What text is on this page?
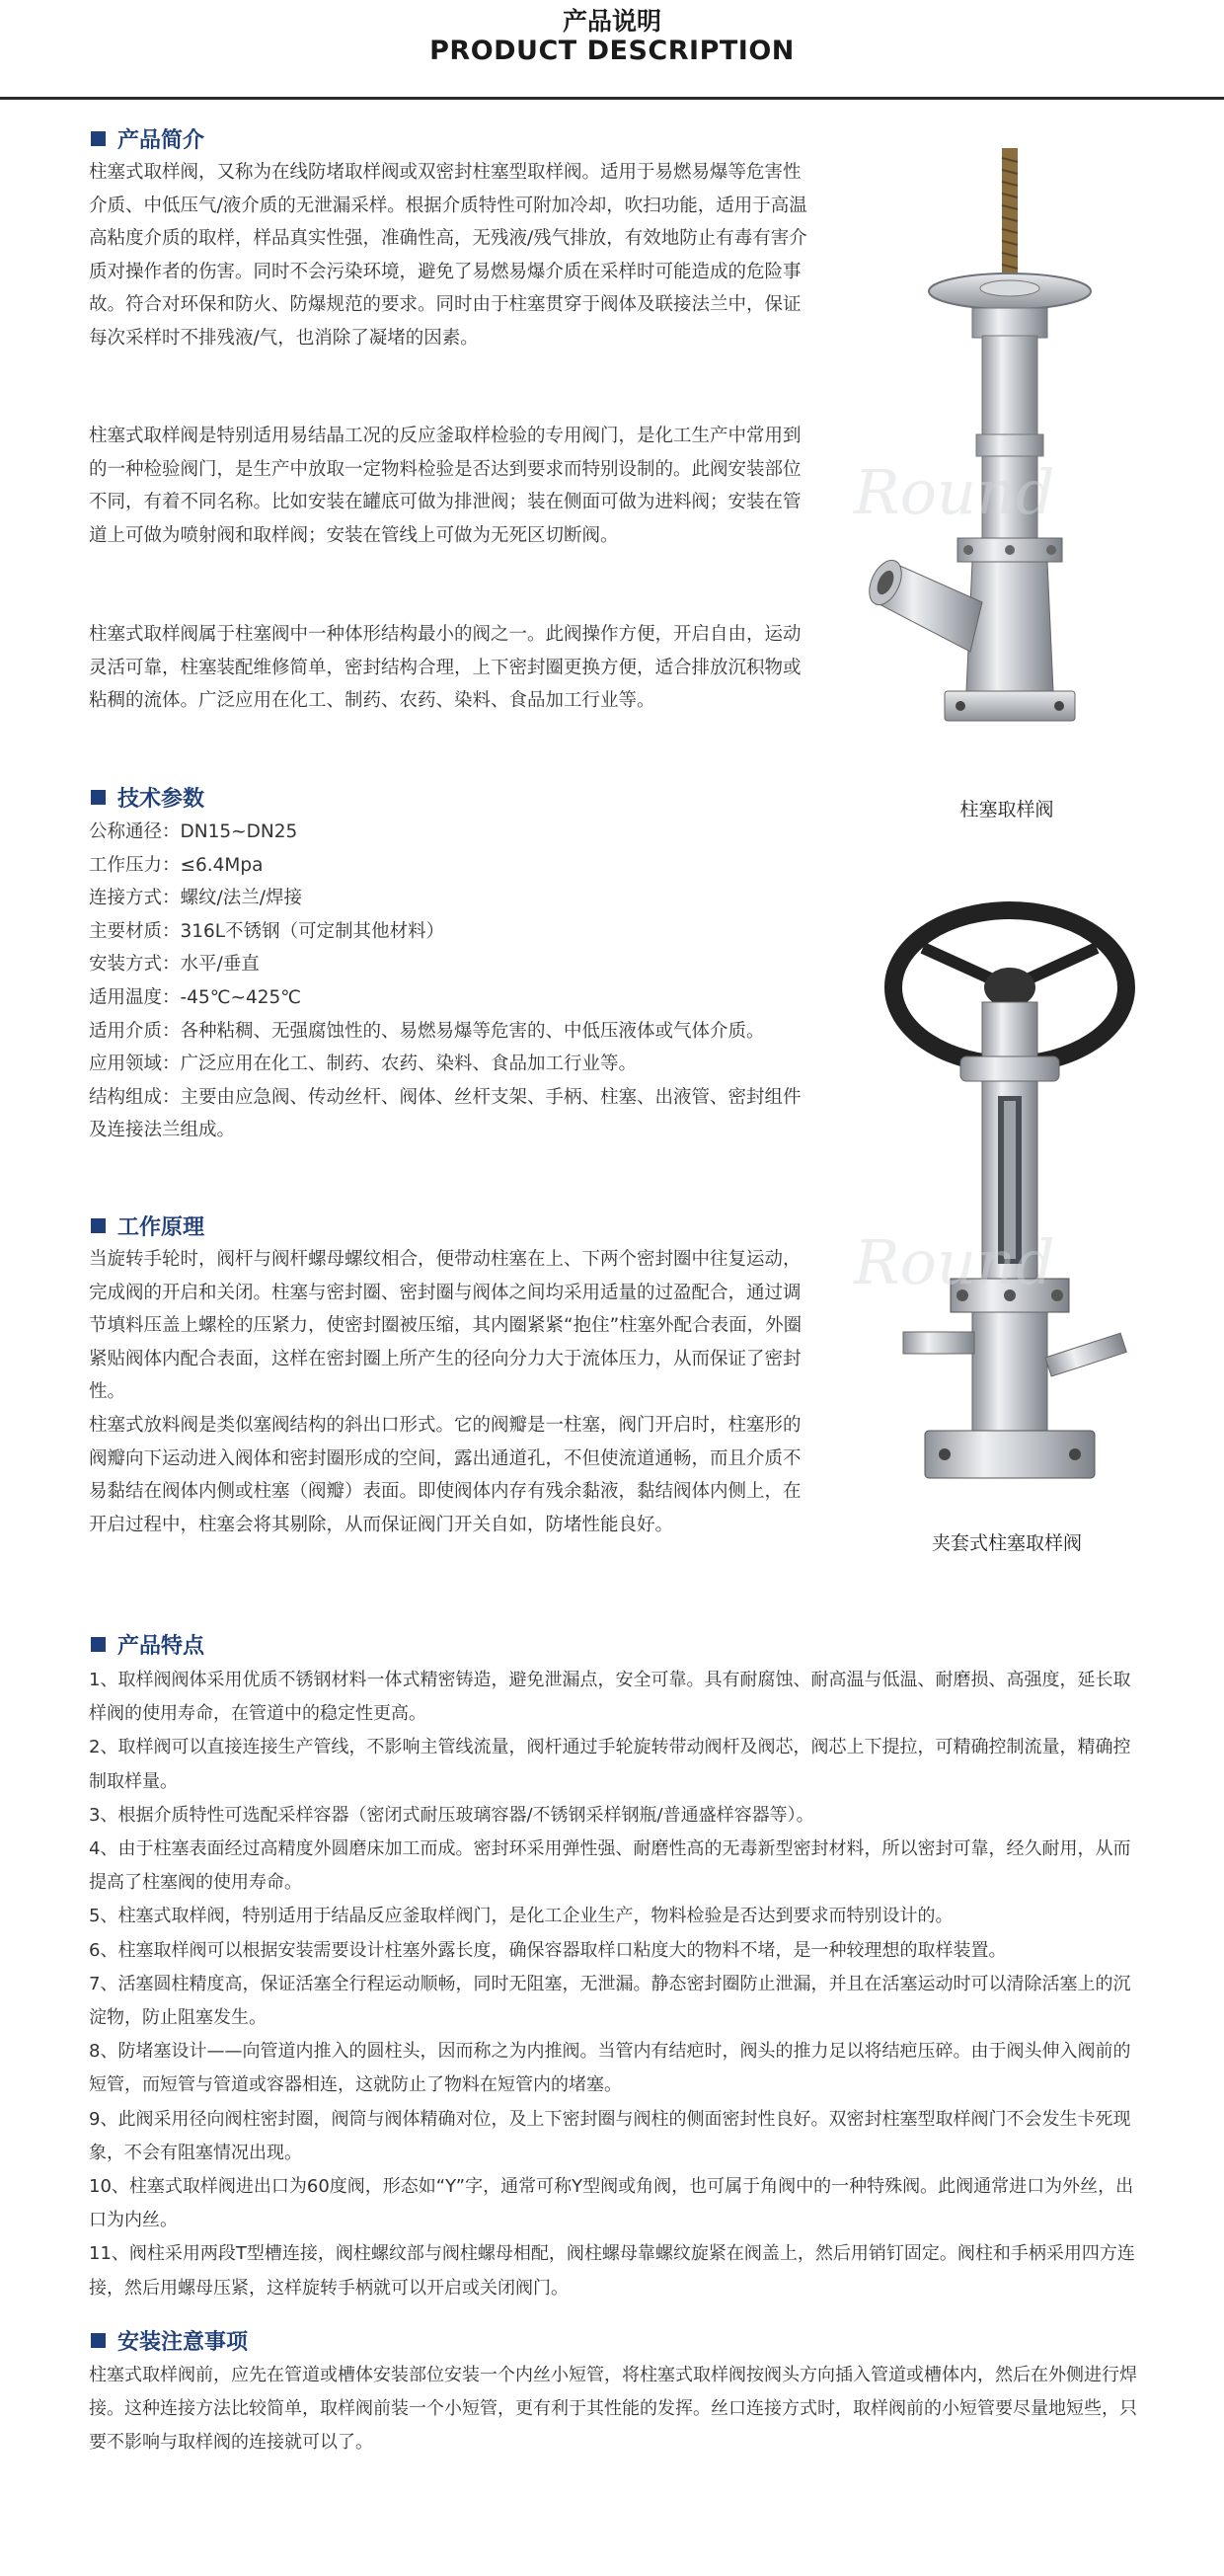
产品说明
PRODUCT DESCRIPTION
产品简介

柱塞式取样阀，又称为在线防堵取样阀或双密封柱塞型取样阀。适用于易燃易爆等危害性介质、中低压气/液介质的无泄漏采样。根据介质特性可附加冷却，吹扫功能，适用于高温高粘度介质的取样，样品真实性强，准确性高，无残液/残气排放，有效地防止有毒有害介质对操作者的伤害。同时不会污染环境，避免了易燃易爆介质在采样时可能造成的危险事故。符合对环保和防火、防爆规范的要求。同时由于柱塞贯穿于阀体及联接法兰中，保证每次采样时不排残液/气，也消除了凝堵的因素。

柱塞式取样阀是特别适用易结晶工况的反应釜取样检验的专用阀门，是化工生产中常用到的一种检验阀门，是生产中放取一定物料检验是否达到要求而特别设制的。此阀安装部位不同，有着不同名称。比如安装在罐底可做为排泄阀；装在侧面可做为进料阀；安装在管道上可做为喷射阀和取样阀；安装在管线上可做为无死区切断阀。

柱塞式取样阀属于柱塞阀中一种体形结构最小的阀之一。此阀操作方便，开启自由，运动灵活可靠，柱塞装配维修简单，密封结构合理，上下密封圈更换方便，适合排放沉积物或粘稠的流体。广泛应用在化工、制药、农药、染料、食品加工行业等。

技术参数
公称通径：DN15~DN25
工作压力：≤6.4Mpa
连接方式：螺纹/法兰/焊接
主要材质：316L不锈钢（可定制其他材料）
安装方式：水平/垂直
适用温度：-45℃~425℃
适用介质：各种粘稠、无强腐蚀性的、易燃易爆等危害的、中低压液体或气体介质。
应用领域：广泛应用在化工、制药、农药、染料、食品加工行业等。
结构组成：主要由应急阀、传动丝杆、阀体、丝杆支架、手柄、柱塞、出液管、密封组件及连接法兰组成。
工作原理

当旋转手轮时，阀杆与阀杆螺母螺纹相合，便带动柱塞在上、下两个密封圈中往复运动，完成阀的开启和关闭。柱塞与密封圈、密封圈与阀体之间均采用适量的过盈配合，通过调节填料压盖上螺栓的压紧力，使密封圈被压缩，其内圈紧紧“抱住”柱塞外配合表面，外圈紧贴阀体内配合表面，这样在密封圈上所产生的径向分力大于流体压力，从而保证了密封性。

柱塞式放料阀是类似塞阀结构的斜出口形式。它的阀瓣是一柱塞，阀门开启时，柱塞形的阀瓣向下运动进入阀体和密封圈形成的空间，露出通道孔，不但使流道通畅，而且介质不易黏结在阀体内侧或柱塞（阀瓣）表面。即使阀体内存有残余黏液，黏结阀体内侧上，在开启过程中，柱塞会将其剔除，从而保证阀门开关自如，防堵性能良好。

产品特点

1、取样阀阀体采用优质不锈钢材料一体式精密铸造，避免泄漏点，安全可靠。具有耐腐蚀、耐高温与低温、耐磨损、高强度，延长取样阀的使用寿命，在管道中的稳定性更高。

2、取样阀可以直接连接生产管线，不影响主管线流量，阀杆通过手轮旋转带动阀杆及阀芯，阀芯上下提拉，可精确控制流量，精确控制取样量。

3、根据介质特性可选配采样容器（密闭式耐压玻璃容器/不锈钢采样钢瓶/普通盛样容器等）。

4、由于柱塞表面经过高精度外圆磨床加工而成。密封环采用弹性强、耐磨性高的无毒新型密封材料，所以密封可靠，经久耐用，从而提高了柱塞阀的使用寿命。

5、柱塞式取样阀，特别适用于结晶反应釜取样阀门，是化工企业生产，物料检验是否达到要求而特别设计的。

6、柱塞取样阀可以根据安装需要设计柱塞外露长度，确保容器取样口粘度大的物料不堵，是一种较理想的取样装置。

7、活塞圆柱精度高，保证活塞全行程运动顺畅，同时无阻塞，无泄漏。静态密封圈防止泄漏，并且在活塞运动时可以清除活塞上的沉淀物，防止阻塞发生。

8、防堵塞设计——向管道内推入的圆柱头，因而称之为内推阀。当管内有结疤时，阀头的推力足以将结疤压碎。由于阀头伸入阀前的短管，而短管与管道或容器相连，这就防止了物料在短管内的堵塞。

9、此阀采用径向阀柱密封圈，阀筒与阀体精确对位，及上下密封圈与阀柱的侧面密封性良好。双密封柱塞型取样阀门不会发生卡死现象，不会有阻塞情况出现。

10、柱塞式取样阀进出口为60度阀，形态如“Y”字，通常可称Y型阀或角阀，也可属于角阀中的一种特殊阀。此阀通常进口为外丝，出口为内丝。

11、阀柱采用两段T型槽连接，阀柱螺纹部与阀柱螺母相配，阀柱螺母靠螺纹旋紧在阀盖上，然后用销钉固定。阀柱和手柄采用四方连接，然后用螺母压紧，这样旋转手柄就可以开启或关闭阀门。

安装注意事项

柱塞式取样阀前，应先在管道或槽体安装部位安装一个内丝小短管，将柱塞式取样阀按阀头方向插入管道或槽体内，然后在外侧进行焊接。这种连接方法比较简单，取样阀前装一个小短管，更有利于其性能的发挥。丝口连接方式时，取样阀前的小短管要尽量地短些，只要不影响与取样阀的连接就可以了。

Round
柱塞取样阀
Round
夹套式柱塞取样阀
